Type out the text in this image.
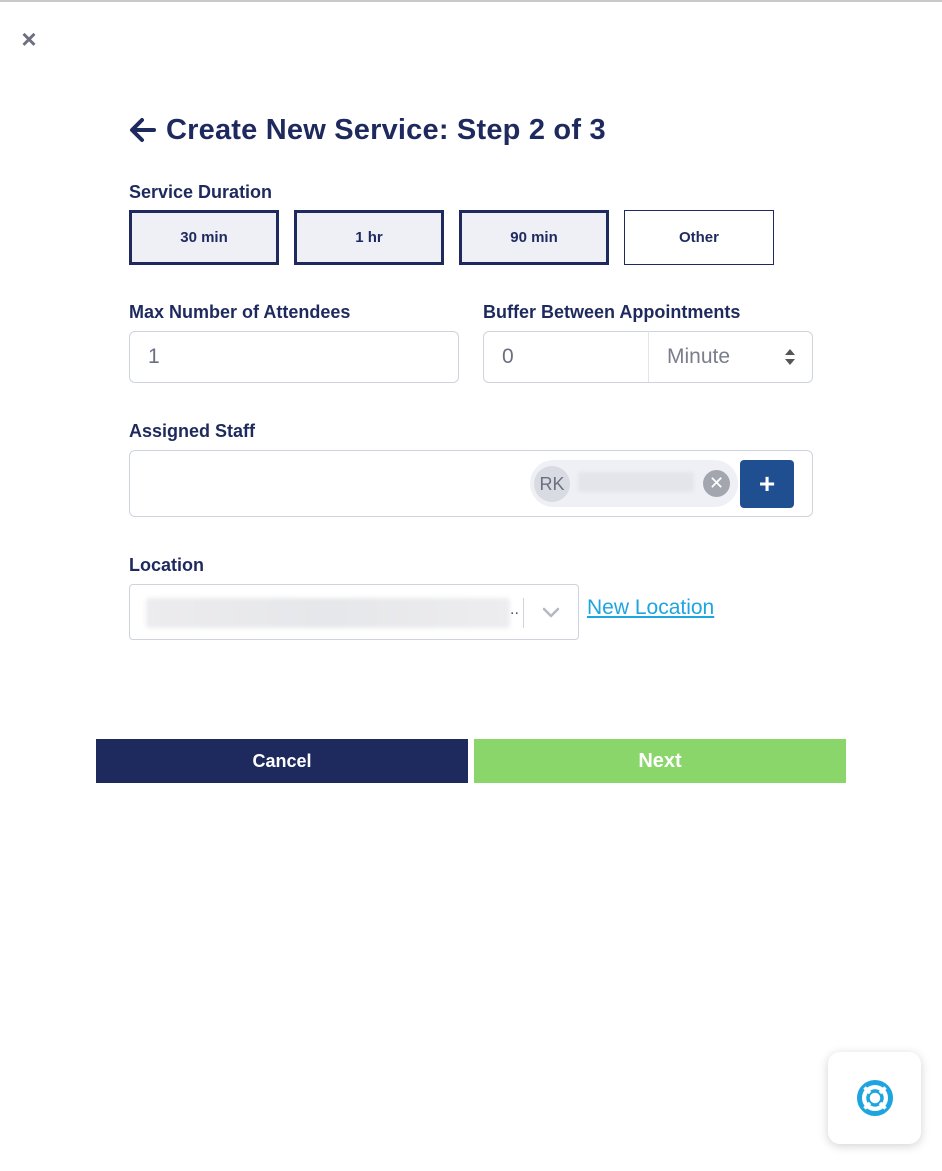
×
Create New Service: Step 2 of 3
Service Duration
30 min	1 hr	90 min	Other
Max Number of Attendees
1
Buffer Between Appointments
0	Minute
Assigned Staff
RK	✕ +
Location
..	New Location
Cancel	Next
